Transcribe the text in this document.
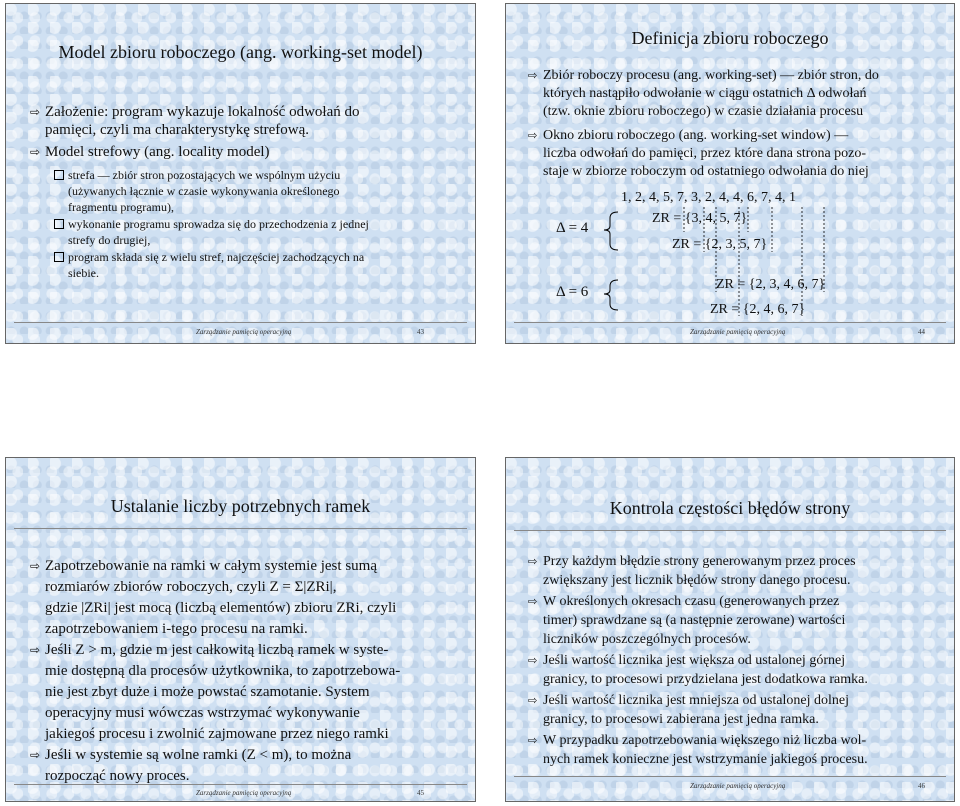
Model zbioru roboczego (ang. working-set model)
⇨ Założenie: program wykazuje lokalność odwołań do
pamięci, czyli ma charakterystykę strefową.
⇨ Model strefowy (ang. locality model)
strefa — zbiór stron pozostających we wspólnym użyciu
(używanych łącznie w czasie wykonywania określonego
fragmentu programu),
wykonanie programu sprowadza się do przechodzenia z jednej
strefy do drugiej,
program składa się z wielu stref, najczęściej zachodzących na
siebie.
Zarządzanie pamięcią operacyjną	43
Definicja zbioru roboczego
⇨ Zbiór roboczy procesu (ang. working-set) — zbiór stron, do
których nastąpiło odwołanie w ciągu ostatnich Δ odwołań
(tzw. oknie zbioru roboczego) w czasie działania procesu
⇨ Okno zbioru roboczego (ang. working-set window) —
liczba odwołań do pamięci, przez które dana strona pozo-
staje w zbiorze roboczym od ostatniego odwołania do niej
1, 2, 4, 5, 7, 3, 2, 4, 4, 6, 7, 4, 1
Δ = 4
Δ = 6
ZR = {3, 4, 5, 7}
ZR = {2, 3, 5, 7}
ZR = {2, 3, 4, 6, 7}
ZR = {2, 4, 6, 7}
Zarządzanie pamięcią operacyjną	44
Ustalanie liczby potrzebnych ramek
⇨ Zapotrzebowanie na ramki w całym systemie jest sumą
rozmiarów zbiorów roboczych, czyli Z = Σ|ZRi|,
gdzie |ZRi| jest mocą (liczbą elementów) zbioru ZRi, czyli
zapotrzebowaniem i-tego procesu na ramki.
⇨ Jeśli Z > m, gdzie m jest całkowitą liczbą ramek w syste-
mie dostępną dla procesów użytkownika, to zapotrzebowa-
nie jest zbyt duże i może powstać szamotanie. System
operacyjny musi wówczas wstrzymać wykonywanie
jakiegoś procesu i zwolnić zajmowane przez niego ramki
⇨ Jeśli w systemie są wolne ramki (Z < m), to można
rozpocząć nowy proces.
Zarządzanie pamięcią operacyjną	45
Kontrola częstości błędów strony
⇨ Przy każdym błędzie strony generowanym przez proces
zwiększany jest licznik błędów strony danego procesu.
⇨ W określonych okresach czasu (generowanych przez
timer) sprawdzane są (a następnie zerowane) wartości
liczników poszczególnych procesów.
⇨ Jeśli wartość licznika jest większa od ustalonej górnej
granicy, to procesowi przydzielana jest dodatkowa ramka.
⇨ Jeśli wartość licznika jest mniejsza od ustalonej dolnej
granicy, to procesowi zabierana jest jedna ramka.
⇨ W przypadku zapotrzebowania większego niż liczba wol-
nych ramek konieczne jest wstrzymanie jakiegoś procesu.
Zarządzanie pamięcią operacyjną	46
